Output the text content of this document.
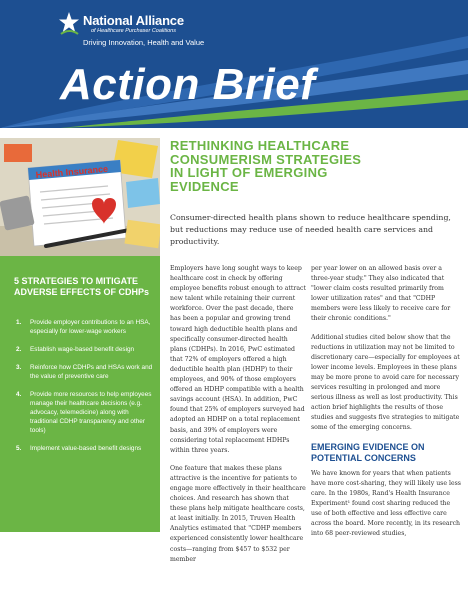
National Alliance
of Healthcare Purchaser Coalitions
Driving Innovation, Health and Value
Action Brief
Health Insurance
5 STRATEGIES TO MITIGATE ADVERSE EFFECTS OF CDHPs
1. Provide employer contributions to an HSA, especially for lower-wage workers
2. Establish wage-based benefit design
3. Reinforce how CDHPs and HSAs work and the value of preventive care
4. Provide more resources to help employees manage their healthcare decisions (e.g. advocacy, telemedicine) along with traditional CDHP transparency and other tools)
5. Implement value-based benefit designs
RETHINKING HEALTHCARE
CONSUMERISM STRATEGIES
IN LIGHT OF EMERGING
EVIDENCE
Consumer-directed health plans shown to reduce healthcare spending, but reductions may reduce use of needed health care services and productivity.

Employers have long sought ways to keep healthcare cost in check by offering employee benefits robust enough to attract new talent while retaining their current workforce. Over the past decade, there has been a popular and growing trend toward high deductible health plans and specifically consumer-directed health plans (CDHPs). In 2016, PwC estimated that 72% of employers offered a high deductible health plan (HDHP) to their employees, and 90% of those employers offered an HDHP compatible with a health savings account (HSA). In addition, PwC found that 25% of employers surveyed had adopted an HDHP on a total replacement basis, and 39% of employers were considering total replacement HDHPs within three years.

One feature that makes these plans attractive is the incentive for patients to engage more effectively in their healthcare choices. And research has shown that these plans help mitigate healthcare costs, at least initially. In 2015, Truven Health Analytics estimated that "CDHP members experienced consistently lower healthcare costs—ranging from $457 to $532 per member

per year lower on an allowed basis over a three-year study." They also indicated that "lower claim costs resulted primarily from lower utilization rates" and that "CDHP members were less likely to receive care for their chronic conditions."

Additional studies cited below show that the reductions in utilization may not be limited to discretionary care—especially for employees at lower income levels. Employees in these plans may be more prone to avoid care for necessary services resulting in prolonged and more serious illness as well as lost productivity. This action brief highlights the results of those studies and suggests five strategies to mitigate some of the emerging concerns.

EMERGING EVIDENCE ON POTENTIAL CONCERNS

We have known for years that when patients have more cost-sharing, they will likely use less care. In the 1980s, Rand's Health Insurance Experiment¹ found cost sharing reduced the use of both effective and less effective care across the board. More recently, in its research into 68 peer-reviewed studies,
